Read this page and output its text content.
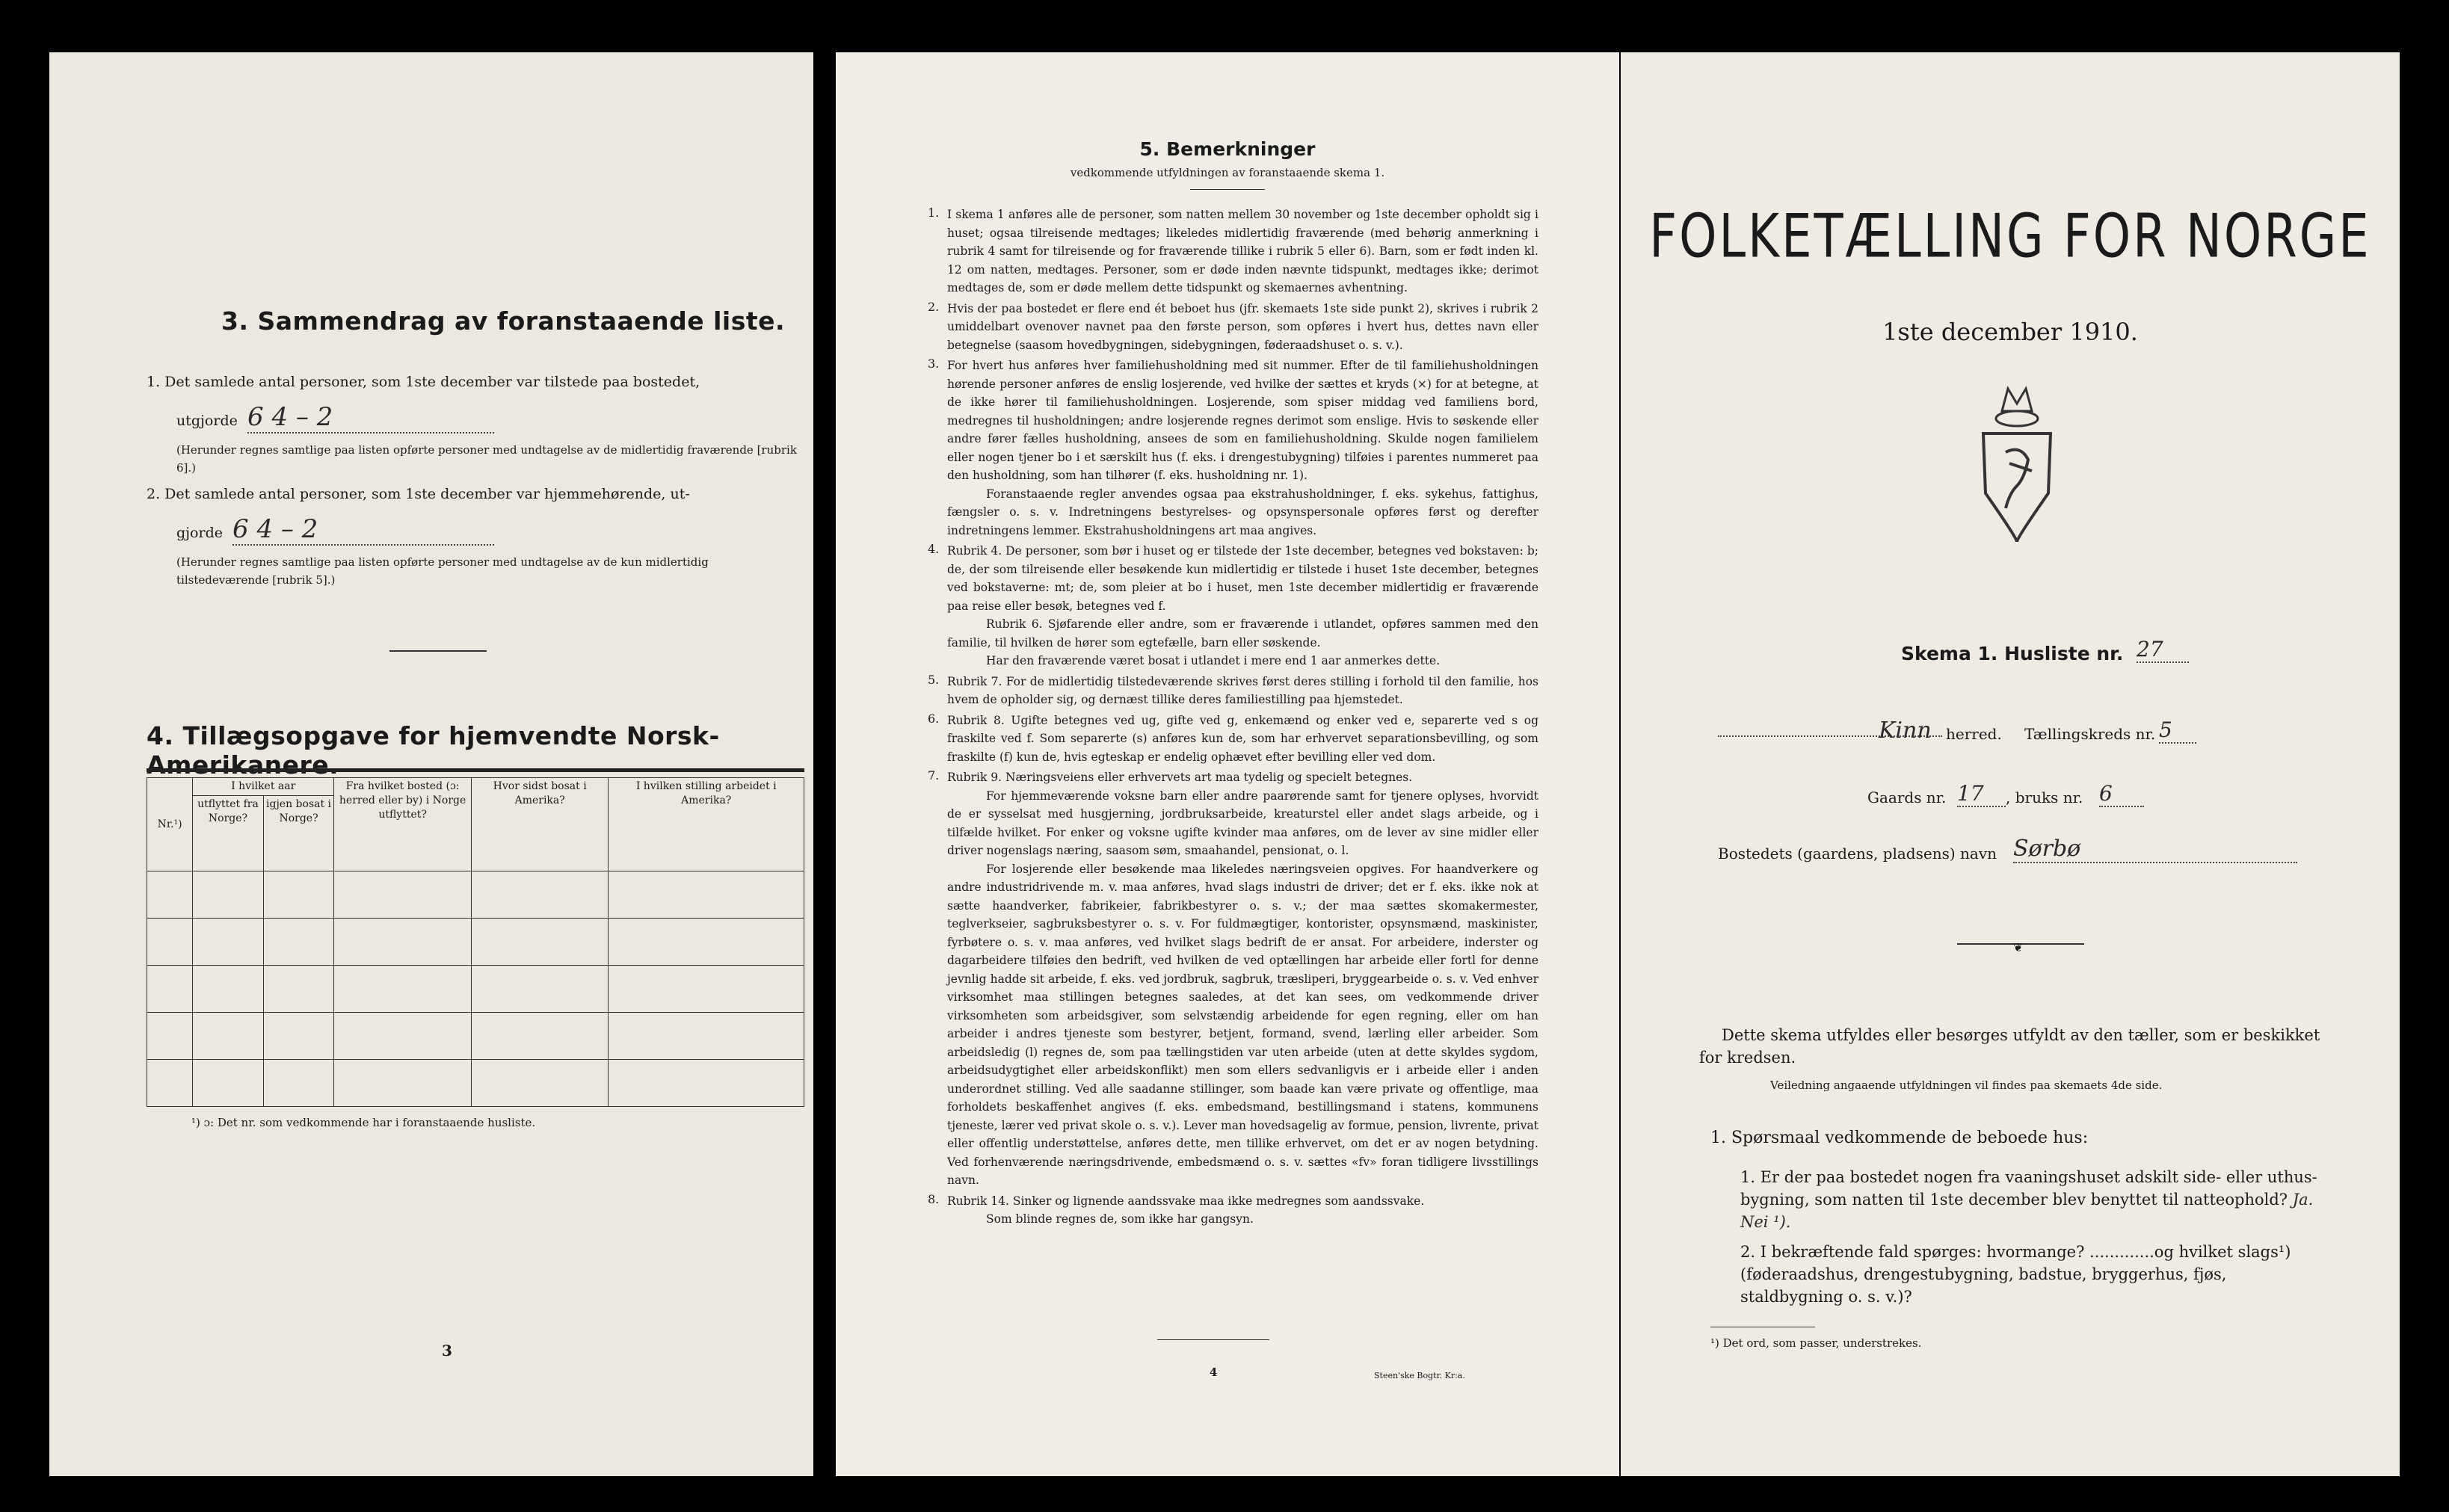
3. Sammendrag av foranstaaende liste.
1. Det samlede antal personer, som 1ste december var tilstede paa bostedet,
utgjorde 6 4 – 2
(Herunder regnes samtlige paa listen opførte personer med undtagelse av de midlertidig fraværende [rubrik 6].)
2. Det samlede antal personer, som 1ste december var hjemmehørende, ut-
gjorde 6 4 – 2
(Herunder regnes samtlige paa listen opførte personer med undtagelse av de kun midlertidig tilstedeværende [rubrik 5].)
4. Tillægsopgave for hjemvendte Norsk-Amerikanere.
Nr.¹)	I hvilket aar		Fra hvilket bosted (ɔ: herred eller by) i Norge utflyttet?	Hvor sidst bosat i Amerika?	I hvilken stilling arbeidet i Amerika?
	utflyttet fra Norge?	igjen bosat i Norge?			

¹) ɔ: Det nr. som vedkommende har i foranstaaende husliste.
3
5. Bemerkninger
vedkommende utfyldningen av foranstaaende skema 1.
1. I skema 1 anføres alle de personer, som natten mellem 30 november og 1ste december opholdt sig i huset; ogsaa tilreisende medtages; likeledes midlertidig fraværende (med behørig anmerkning i rubrik 4 samt for tilreisende og for fraværende tillike i rubrik 5 eller 6). Barn, som er født inden kl. 12 om natten, medtages. Personer, som er døde inden nævnte tidspunkt, medtages ikke; derimot medtages de, som er døde mellem dette tidspunkt og skemaernes avhentning.

2. Hvis der paa bostedet er flere end ét beboet hus (jfr. skemaets 1ste side punkt 2), skrives i rubrik 2 umiddelbart ovenover navnet paa den første person, som opføres i hvert hus, dettes navn eller betegnelse (saasom hovedbygningen, sidebygningen, føderaadshuset o. s. v.).

3. For hvert hus anføres hver familiehusholdning med sit nummer. Efter de til familiehusholdningen hørende personer anføres de enslig losjerende, ved hvilke der sættes et kryds (×) for at betegne, at de ikke hører til familiehusholdningen. Losjerende, som spiser middag ved familiens bord, medregnes til husholdningen; andre losjerende regnes derimot som enslige. Hvis to søskende eller andre fører fælles husholdning, ansees de som en familiehusholdning. Skulde nogen familielem eller nogen tjener bo i et særskilt hus (f. eks. i drengestubygning) tilføies i parentes nummeret paa den husholdning, som han tilhører (f. eks. husholdning nr. 1).

Foranstaaende regler anvendes ogsaa paa ekstrahusholdninger, f. eks. sykehus, fattighus, fængsler o. s. v. Indretningens bestyrelses- og opsynspersonale opføres først og derefter indretningens lemmer. Ekstrahusholdningens art maa angives.

4. Rubrik 4. De personer, som bør i huset og er tilstede der 1ste december, betegnes ved bokstaven: b; de, der som tilreisende eller besøkende kun midlertidig er tilstede i huset 1ste december, betegnes ved bokstaverne: mt; de, som pleier at bo i huset, men 1ste december midlertidig er fraværende paa reise eller besøk, betegnes ved f.

Rubrik 6. Sjøfarende eller andre, som er fraværende i utlandet, opføres sammen med den familie, til hvilken de hører som egtefælle, barn eller søskende.

Har den fraværende været bosat i utlandet i mere end 1 aar anmerkes dette.

5. Rubrik 7. For de midlertidig tilstedeværende skrives først deres stilling i forhold til den familie, hos hvem de opholder sig, og dernæst tillike deres familiestilling paa hjemstedet.

6. Rubrik 8. Ugifte betegnes ved ug, gifte ved g, enkemænd og enker ved e, separerte ved s og fraskilte ved f. Som separerte (s) anføres kun de, som har erhvervet separationsbevilling, og som fraskilte (f) kun de, hvis egteskap er endelig ophævet efter bevilling eller ved dom.

7. Rubrik 9. Næringsveiens eller erhvervets art maa tydelig og specielt betegnes.

For hjemmeværende voksne barn eller andre paarørende samt for tjenere oplyses, hvorvidt de er sysselsat med husgjerning, jordbruksarbeide, kreaturstel eller andet slags arbeide, og i tilfælde hvilket. For enker og voksne ugifte kvinder maa anføres, om de lever av sine midler eller driver nogenslags næring, saasom søm, smaahandel, pensionat, o. l.

For losjerende eller besøkende maa likeledes næringsveien opgives. For haandverkere og andre industridrivende m. v. maa anføres, hvad slags industri de driver; det er f. eks. ikke nok at sætte haandverker, fabrikeier, fabrikbestyrer o. s. v.; der maa sættes skomakermester, teglverkseier, sagbruksbestyrer o. s. v. For fuldmægtiger, kontorister, opsynsmænd, maskinister, fyrbøtere o. s. v. maa anføres, ved hvilket slags bedrift de er ansat. For arbeidere, inderster og dagarbeidere tilføies den bedrift, ved hvilken de ved optællingen har arbeide eller fortl for denne jevnlig hadde sit arbeide, f. eks. ved jordbruk, sagbruk, træsliperi, bryggearbeide o. s. v. Ved enhver virksomhet maa stillingen betegnes saaledes, at det kan sees, om vedkommende driver virksomheten som arbeidsgiver, som selvstændig arbeidende for egen regning, eller om han arbeider i andres tjeneste som bestyrer, betjent, formand, svend, lærling eller arbeider. Som arbeidsledig (l) regnes de, som paa tællingstiden var uten arbeide (uten at dette skyldes sygdom, arbeidsudygtighet eller arbeidskonflikt) men som ellers sedvanligvis er i arbeide eller i anden underordnet stilling. Ved alle saadanne stillinger, som baade kan være private og offentlige, maa forholdets beskaffenhet angives (f. eks. embedsmand, bestillingsmand i statens, kommunens tjeneste, lærer ved privat skole o. s. v.). Lever man hovedsagelig av formue, pension, livrente, privat eller offentlig understøttelse, anføres dette, men tillike erhvervet, om det er av nogen betydning. Ved forhenværende næringsdrivende, embedsmænd o. s. v. sættes «fv» foran tidligere livsstillings navn.

8. Rubrik 14. Sinker og lignende aandssvake maa ikke medregnes som aandssvake.

Som blinde regnes de, som ikke har gangsyn.

4	Steen'ske Bogtr. Kr:a.
FOLKETÆLLING FOR NORGE
1ste december 1910.
Skema 1. Husliste nr. 27
Kinn herred. Tællingskreds nr. 5
Gaards nr. 17	, bruks nr. 6
Bostedets (gaardens, pladsens) navn Sørbø
❦
Dette skema utfyldes eller besørges utfyldt av den tæller, som er beskikket for kredsen.
Veiledning angaaende utfyldningen vil findes paa skemaets 4de side.
1. Spørsmaal vedkommende de beboede hus:
1. Er der paa bostedet nogen fra vaaningshuset adskilt side- eller uthus-bygning, som natten til 1ste december blev benyttet til natteophold? Ja. Nei ¹).
2. I bekræftende fald spørges: hvormange? .............og hvilket slags¹) (føderaadshus, drengestubygning, badstue, bryggerhus, fjøs, staldbygning o. s. v.)?
¹) Det ord, som passer, understrekes.
